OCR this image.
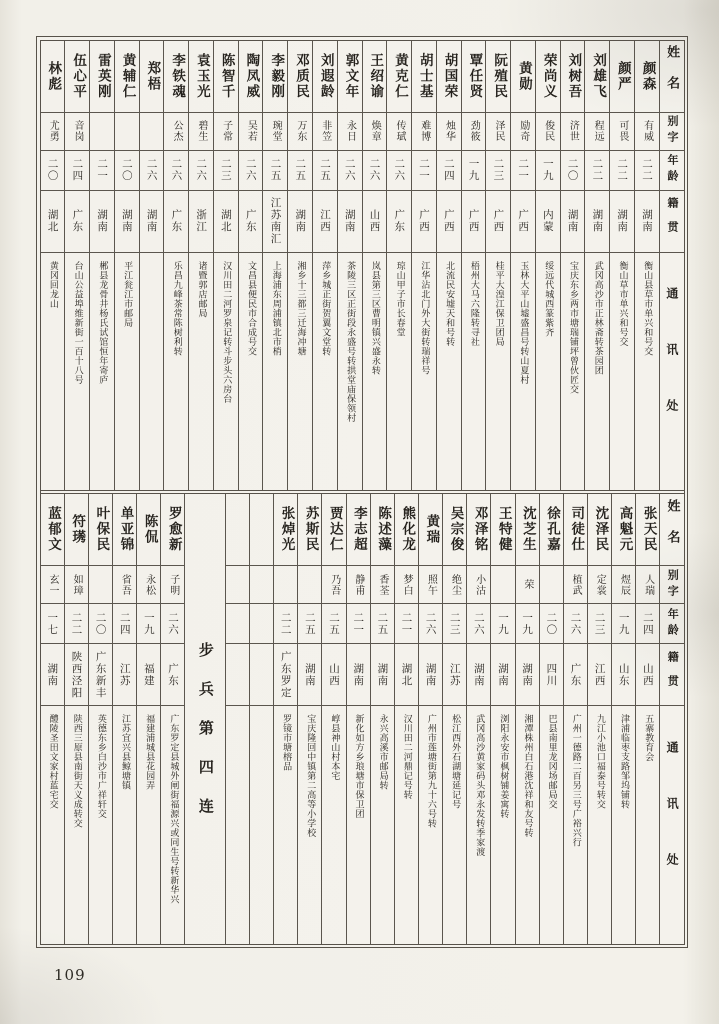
姓名
别字
年龄
籍贯
通讯处
颜森
有威
二二
湖南
衡山县草市单兴和号交
颜严
可畏
二二
湖南
衡山草市单兴和号交
刘雄飞
程远
二二
湖南
武冈高沙市正林斋转茶园团
刘树吾
济世
二〇
湖南
宝庆东乡两市塘瑞铺坪曾伙匠交
荣尚义
俊民
一九
内蒙
绥远代城西篆紫齐
黄勋
励奇
二一
广西
玉林大平山墟盛昌号转山夏村
阮殖民
泽民
二三
广西
桂平大湟江保卫团局
覃任贤
劲筱
一九
广西
梧州大马六隆转寻社
胡国荣
烛华
二四
广西
北流民安墟天和号转
胡士基
难博
二一
广西
江华沾北门外大街转瑞祥号
黄克仁
传珷
二六
广东
琼山甲子市长春堂
王绍谕
焕章
二六
山西
岚县第三区曹明镇兴盛永转
郭文年
永日
二六
湖南
茶陵三区正街段永盛号转拱堂庙保领村
刘遐龄
非笠
二五
江西
萍乡城正街贺翼文堂转
邓质民
万东
二五
湖南
湘乡十三都三迁海冲塘
李毅刚
琬堂
二五
江苏南汇
上海浦东周浦镇北市梢
陶凤威
吴若
二六
广东
文昌县便民市合成号交
陈智千
子常
二三
湖北
汉川田二河罗泉记转斗步头六房台
袁玉光
碧生
二六
浙江
诸暨郭店邮局
李铁魂
公杰
二六
广东
乐昌九峰茶常陈树利转
郑梧
二六
湖南
黄辅仁
二〇
湖南
平江瓮江市邮局
雷英刚
二一
湖南
郴县龙骨井杨氏试馆恒年寄庐
伍心平
音岗
二四
广东
台山公益埠维新街一百十八号
林彪
尤勇
二〇
湖北
黄冈回龙山
姓名
别字
年龄
籍贯
通讯处
张天民
人瑞
二四
山西
五寨教育会
高魁元
煜辰
一九
山东
津浦临枣支路邹坞铺转
沈泽民
定裳
二三
江西
九江小池口福泰号转交
司徒仕
植武
二六
广东
广州一德路二百另三号广裕兴行
徐孔嘉
二〇
四川
巴县南里龙冈场邮局交
沈芝生
荣
一九
湖南
湘潭株州白石港沈祥和友号转
王特健
一九
湖南
浏阳永安市枫树铺姜寓转
邓泽铭
小沽
二六
湖南
武冈高沙黄家码头邓永发转季家渡
吴宗俊
绝尘
二三
江苏
松江西外石湖塘延记号
黄瑞
照午
二六
湖南
广州市莲塘街第九十六号转
熊化龙
梦白
二一
湖北
汉川田二河鼎记号转
陈述藻
香荃
二五
湖南
永兴高溪市邮局转
李志超
静甫
二一
湖南
新化如方乡琅塘市保卫团
贾达仁
乃吾
二五
山西
崞县神山村本宅
苏斯民
二五
湖南
宝庆隆回中镇第二高等小学校
张焯光
二二
广东罗定
罗镜市塘榕品
步兵第四连
罗愈新
子明
二六
广东
广东罗定县城外闸街福源兴或同生号转新华兴
陈侃
永松
一九
福建
福建浦城县花园弄
单亚锦
省吾
二四
江苏
江苏宜兴县鲸塘镇
叶保民
二〇
广东新丰
英德东乡白沙市广祥轩交
符璓
如璋
二二
陕西泾阳
陕西三原县南街天义成转交
蓝郁文
玄一
一七
湖南
醴陵圣田文家村蓝宅交
109
